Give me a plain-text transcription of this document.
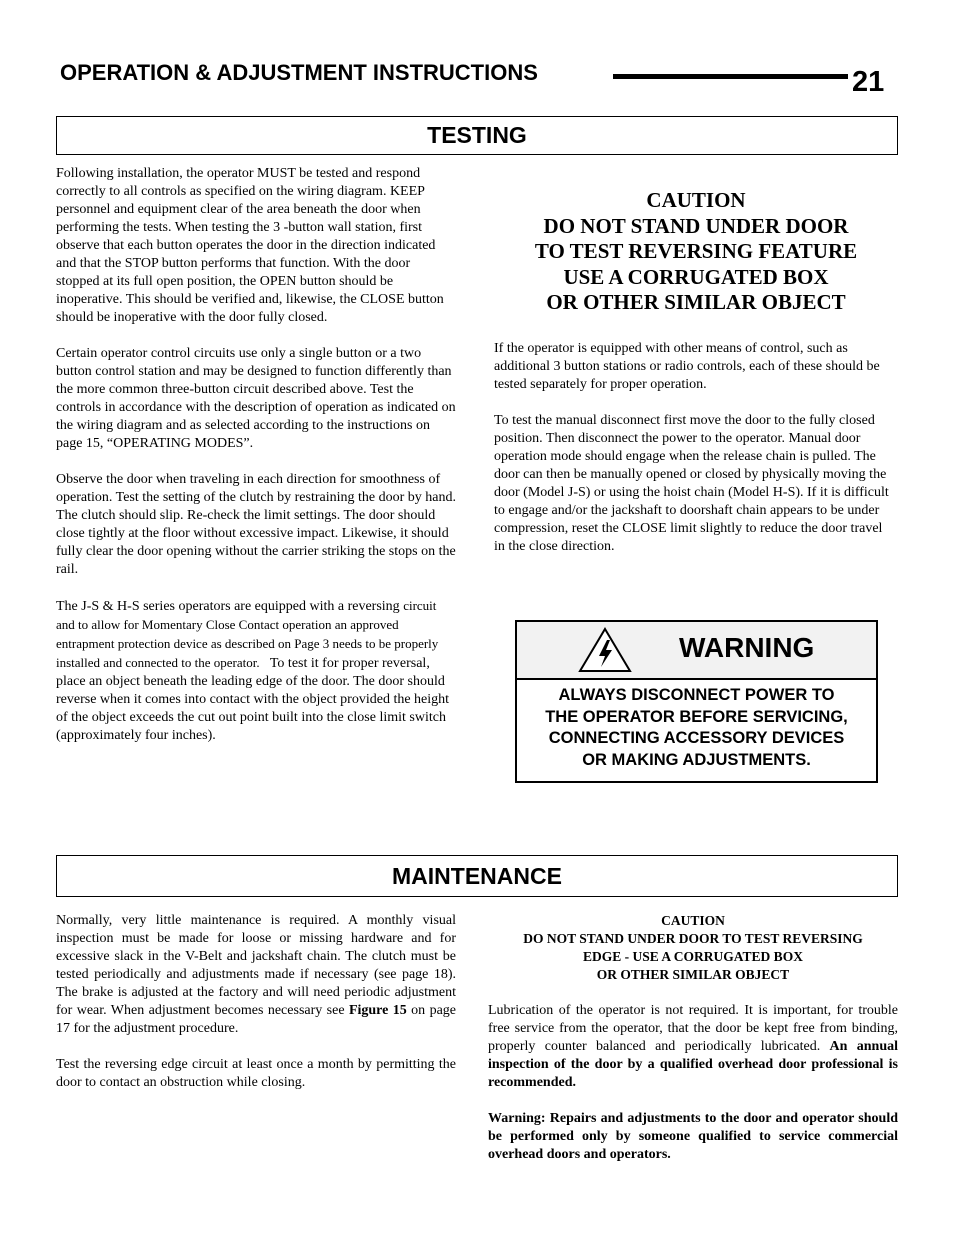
OPERATION & ADJUSTMENT INSTRUCTIONS	21
TESTING

Following installation, the operator MUST be tested and respond correctly to all controls as specified on the wiring diagram. KEEP personnel and equipment clear of the area beneath the door when performing the tests. When testing the 3 -button wall station, first observe that each button operates the door in the direction indicated and that the STOP button performs that function. With the door stopped at its full open position, the OPEN button should be inoperative. This should be verified and, likewise, the CLOSE button should be inoperative with the door fully closed.

Certain operator control circuits use only a single button or a two button control station and may be designed to function differently than the more common three-button circuit described above. Test the controls in accordance with the description of operation as indicated on the wiring diagram and as selected according to the instructions on page 15, “OPERATING MODES”.

Observe the door when traveling in each direction for smoothness of operation. Test the setting of the clutch by restraining the door by hand. The clutch should slip. Re-check the limit settings. The door should close tightly at the floor without excessive impact. Likewise, it should fully clear the door opening without the carrier striking the stops on the rail.

The J-S & H-S series operators are equipped with a reversing circuit and to allow for Momentary Close Contact operation an approved entrapment protection device as described on Page 3 needs to be properly installed and connected to the operator. To test it for proper reversal, place an object beneath the leading edge of the door. The door should reverse when it comes into contact with the object provided the height of the object exceeds the cut out point built into the close limit switch (approximately four inches).

CAUTION
DO NOT STAND UNDER DOOR
TO TEST REVERSING FEATURE
USE A CORRUGATED BOX
OR OTHER SIMILAR OBJECT

If the operator is equipped with other means of control, such as additional 3 button stations or radio controls, each of these should be tested separately for proper operation.

To test the manual disconnect first move the door to the fully closed position. Then disconnect the power to the operator. Manual door operation mode should engage when the release chain is pulled. The door can then be manually opened or closed by physically moving the door (Model J-S) or using the hoist chain (Model H-S). If it is difficult to engage and/or the jackshaft to doorshaft chain appears to be under compression, reset the CLOSE limit slightly to reduce the door travel in the close direction.

WARNING
ALWAYS DISCONNECT POWER TO
THE OPERATOR BEFORE SERVICING,
CONNECTING ACCESSORY DEVICES
OR MAKING ADJUSTMENTS.
MAINTENANCE

Normally, very little maintenance is required. A monthly visual inspection must be made for loose or missing hardware and for excessive slack in the V-Belt and jackshaft chain. The clutch must be tested periodically and adjustments made if necessary (see page 18). The brake is adjusted at the factory and will need periodic adjustment for wear. When adjustment becomes necessary see Figure 15 on page 17 for the adjustment procedure.

Test the reversing edge circuit at least once a month by permitting the door to contact an obstruction while closing.

CAUTION
DO NOT STAND UNDER DOOR TO TEST REVERSING
EDGE - USE A CORRUGATED BOX
OR OTHER SIMILAR OBJECT

Lubrication of the operator is not required. It is important, for trouble free service from the operator, that the door be kept free from binding, properly counter balanced and periodically lubricated. An annual inspection of the door by a qualified overhead door professional is recommended.

Warning: Repairs and adjustments to the door and operator should be performed only by someone qualified to service commercial overhead doors and operators.
